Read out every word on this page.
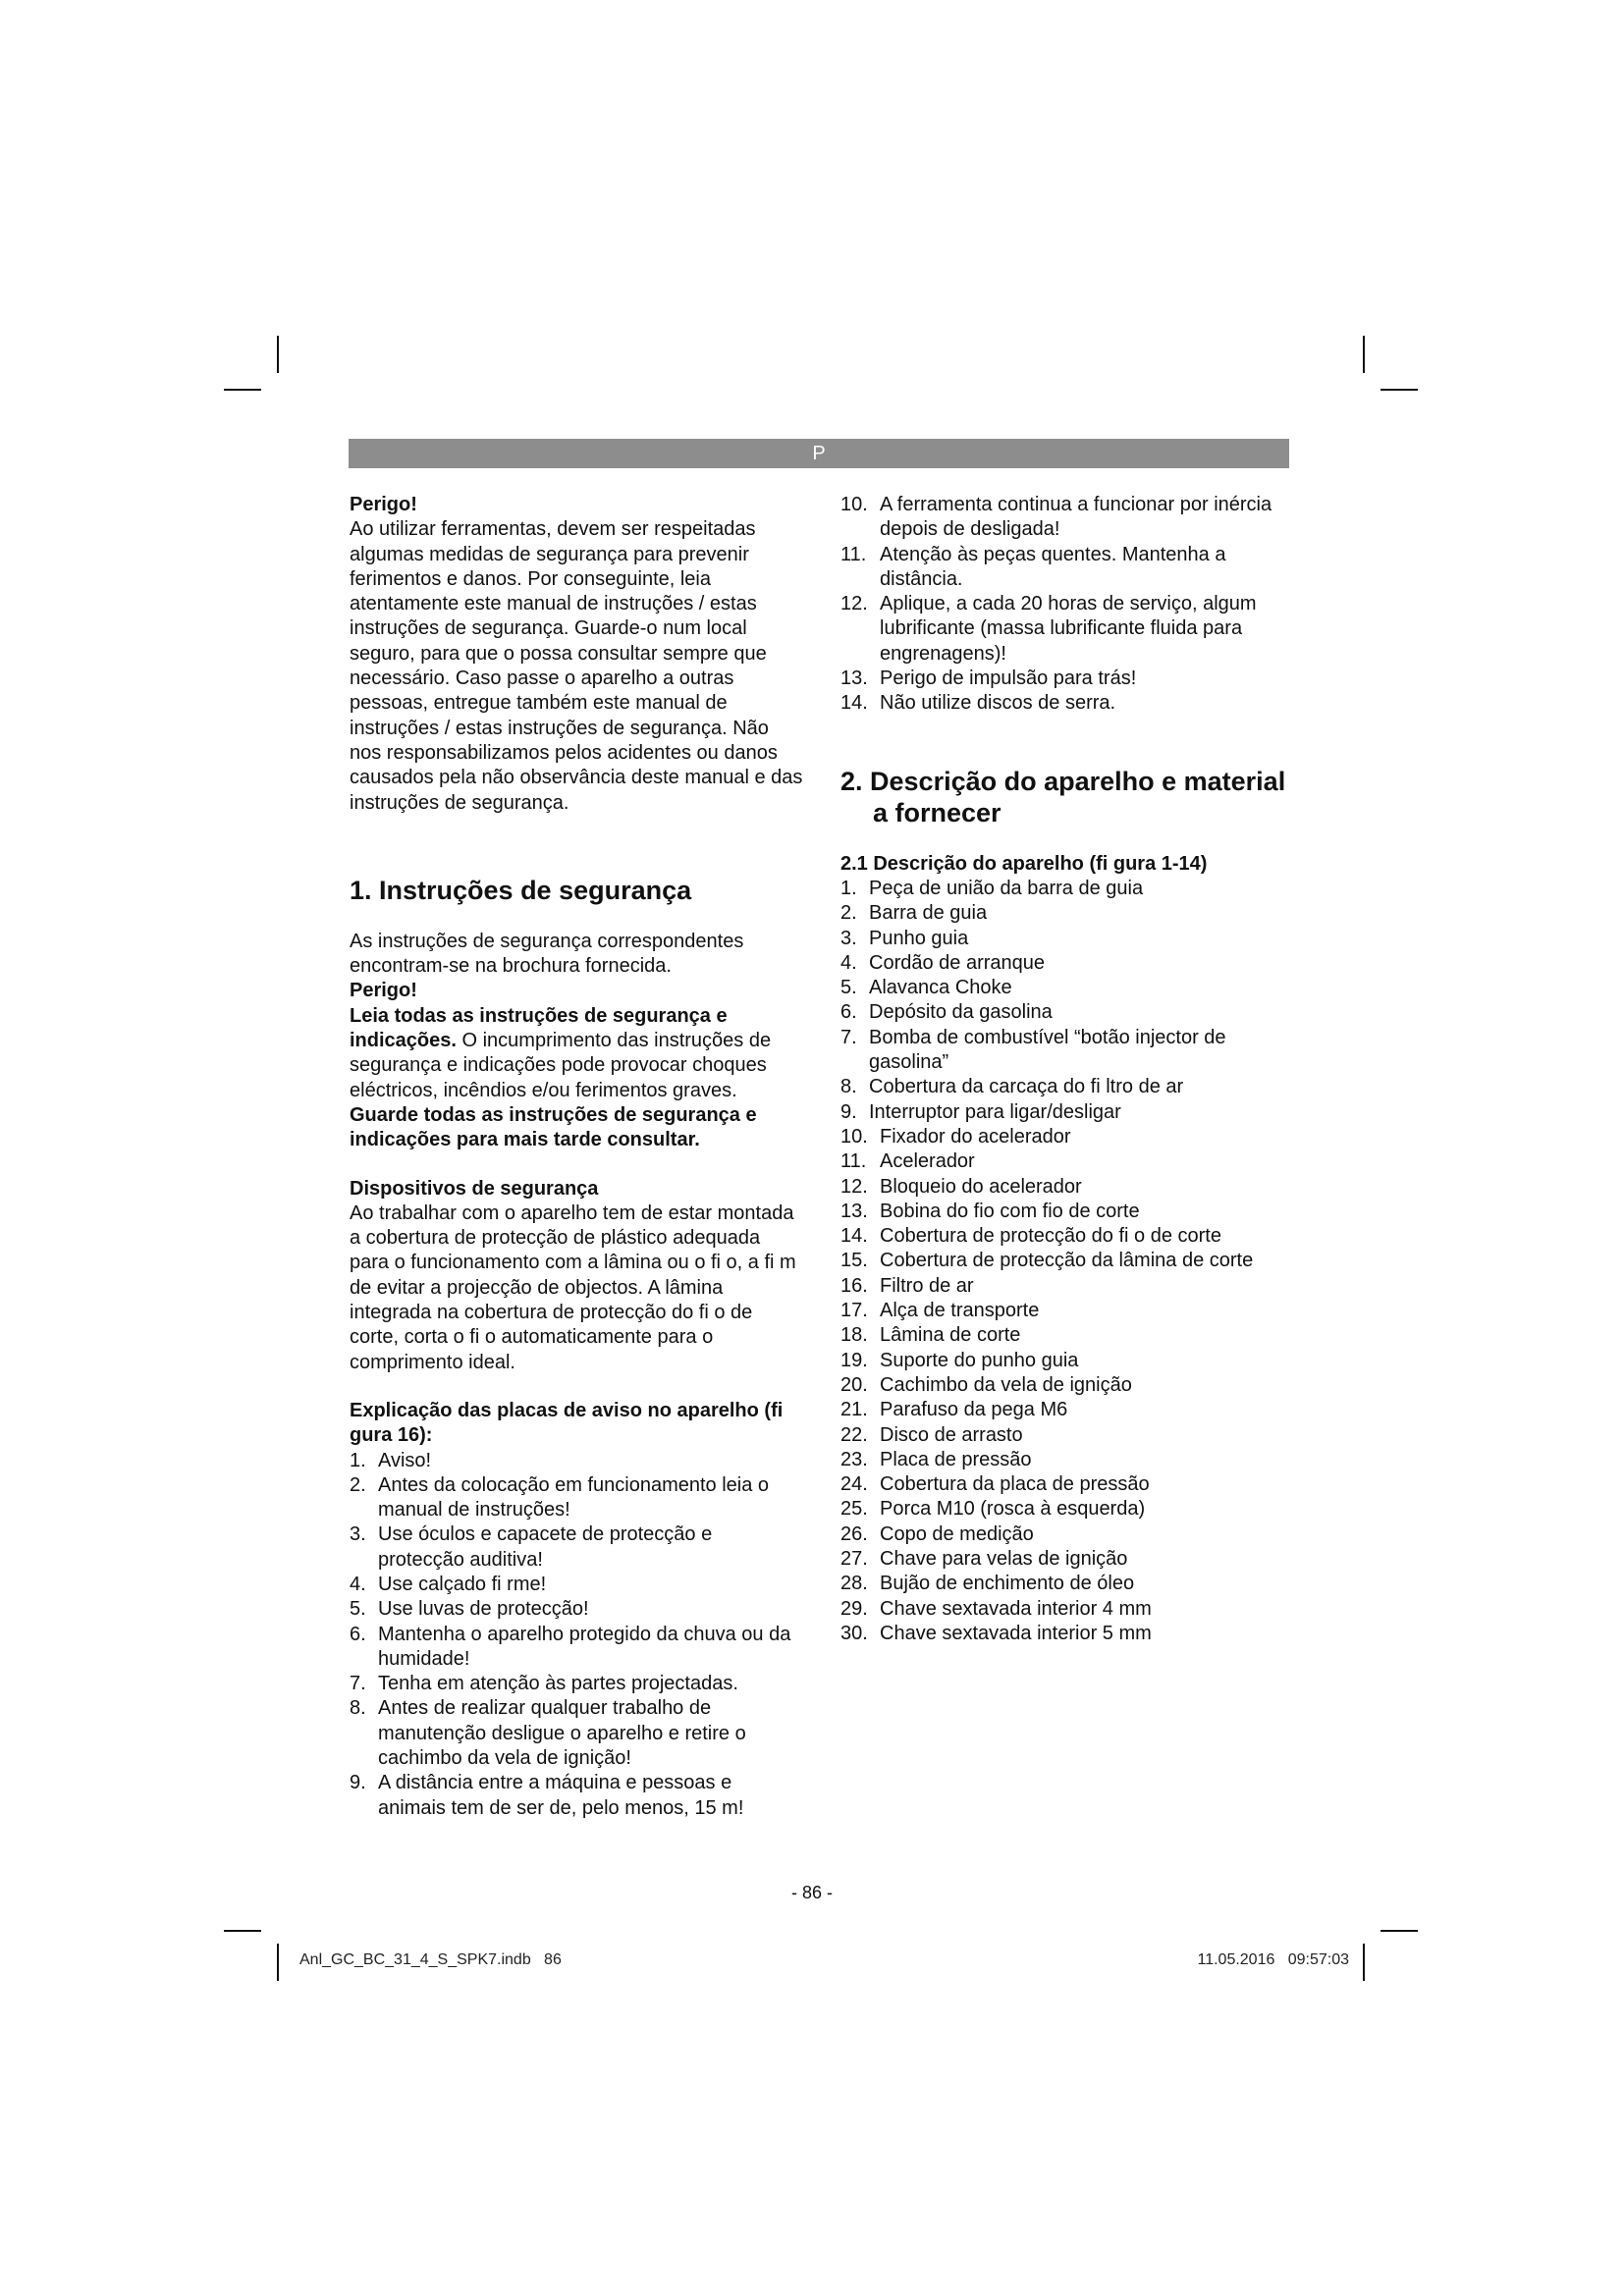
P

Perigo!

Ao utilizar ferramentas, devem ser respeitadas algumas medidas de segurança para prevenir ferimentos e danos. Por conseguinte, leia atentamente este manual de instruções / estas instruções de segurança. Guarde-o num local seguro, para que o possa consultar sempre que necessário. Caso passe o aparelho a outras pessoas, entregue também este manual de instruções / estas instruções de segurança. Não nos responsabilizamos pelos acidentes ou danos causados pela não observância deste manual e das instruções de segurança.

1. Instruções de segurança

As instruções de segurança correspondentes encontram-se na brochura fornecida.

Perigo!

Leia todas as instruções de segurança e indicações. O incumprimento das instruções de segurança e indicações pode provocar choques eléctricos, incêndios e/ou ferimentos graves.

Guarde todas as instruções de segurança e indicações para mais tarde consultar.

Dispositivos de segurança

Ao trabalhar com o aparelho tem de estar montada a cobertura de protecção de plástico adequada para o funcionamento com a lâmina ou o fi o, a fi m de evitar a projecção de objectos. A lâmina integrada na cobertura de protecção do fi o de corte, corta o fi o automaticamente para o comprimento ideal.

Explicação das placas de aviso no aparelho (fi gura 16):

1. Aviso!
2. Antes da colocação em funcionamento leia o manual de instruções!
3. Use óculos e capacete de protecção e protecção auditiva!
4. Use calçado fi rme!
5. Use luvas de protecção!
6. Mantenha o aparelho protegido da chuva ou da humidade!
7. Tenha em atenção às partes projectadas.
8. Antes de realizar qualquer trabalho de manutenção desligue o aparelho e retire o cachimbo da vela de ignição!
9. A distância entre a máquina e pessoas e animais tem de ser de, pelo menos, 15 m!
10. A ferramenta continua a funcionar por inércia depois de desligada!
11. Atenção às peças quentes. Mantenha a distância.
12. Aplique, a cada 20 horas de serviço, algum lubrificante (massa lubrificante fluida para engrenagens)!
13. Perigo de impulsão para trás!
14. Não utilize discos de serra.
2. Descrição do aparelho e material a fornecer

2.1 Descrição do aparelho (fi gura 1-14)

1. Peça de união da barra de guia
2. Barra de guia
3. Punho guia
4. Cordão de arranque
5. Alavanca Choke
6. Depósito da gasolina
7. Bomba de combustível “botão injector de gasolina”
8. Cobertura da carcaça do fi ltro de ar
9. Interruptor para ligar/desligar
10. Fixador do acelerador
11. Acelerador
12. Bloqueio do acelerador
13. Bobina do fio com fio de corte
14. Cobertura de protecção do fi o de corte
15. Cobertura de protecção da lâmina de corte
16. Filtro de ar
17. Alça de transporte
18. Lâmina de corte
19. Suporte do punho guia
20. Cachimbo da vela de ignição
21. Parafuso da pega M6
22. Disco de arrasto
23. Placa de pressão
24. Cobertura da placa de pressão
25. Porca M10 (rosca à esquerda)
26. Copo de medição
27. Chave para velas de ignição
28. Bujão de enchimento de óleo
29. Chave sextavada interior 4 mm
30. Chave sextavada interior 5 mm
- 86 -
Anl_GC_BC_31_4_S_SPK7.indb   86	11.05.2016   09:57:03
